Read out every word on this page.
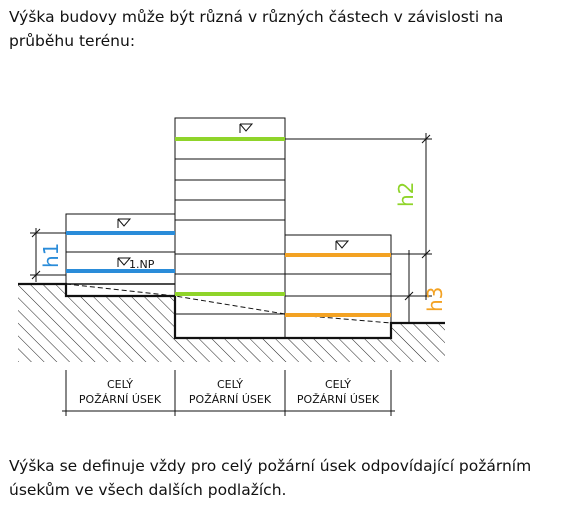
Výška budovy může být různá v různých částech v závislosti na průběhu terénu:

1.NP
h1
h2
h3
CELÝ
POŽÁRNÍ ÚSEK
CELÝ
POŽÁRNÍ ÚSEK
CELÝ
POŽÁRNÍ ÚSEK

Výška se definuje vždy pro celý požární úsek odpovídající požárním úsekům ve všech dalších podlažích.
